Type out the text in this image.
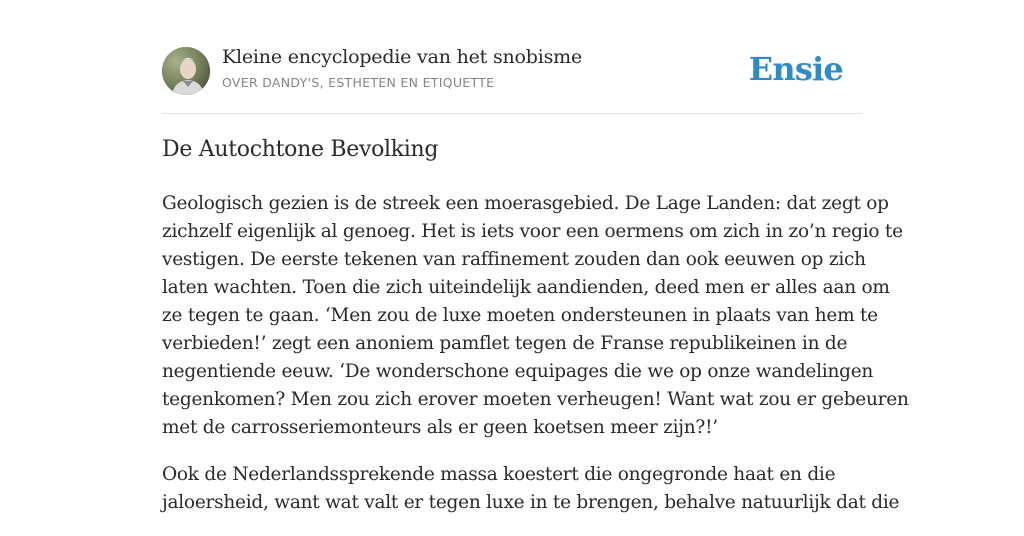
Kleine encyclopedie van het snobisme
OVER DANDY'S, ESTHETEN EN ETIQUETTE	Ensie
De Autochtone Bevolking

Geologisch gezien is de streek een moerasgebied. De Lage Landen: dat zegt op
zichzelf eigenlijk al genoeg. Het is iets voor een oermens om zich in zo’n regio te
vestigen. De eerste tekenen van raffinement zouden dan ook eeuwen op zich
laten wachten. Toen die zich uiteindelijk aandienden, deed men er alles aan om
ze tegen te gaan. ‘Men zou de luxe moeten ondersteunen in plaats van hem te
verbieden!’ zegt een anoniem pamflet tegen de Franse republikeinen in de
negentiende eeuw. ‘De wonderschone equipages die we op onze wandelingen
tegenkomen? Men zou zich erover moeten verheugen! Want wat zou er gebeuren
met de carrosseriemonteurs als er geen koetsen meer zijn?!’

Ook de Nederlandssprekende massa koestert die ongegronde haat en die
jaloersheid, want wat valt er tegen luxe in te brengen, behalve natuurlijk dat die
